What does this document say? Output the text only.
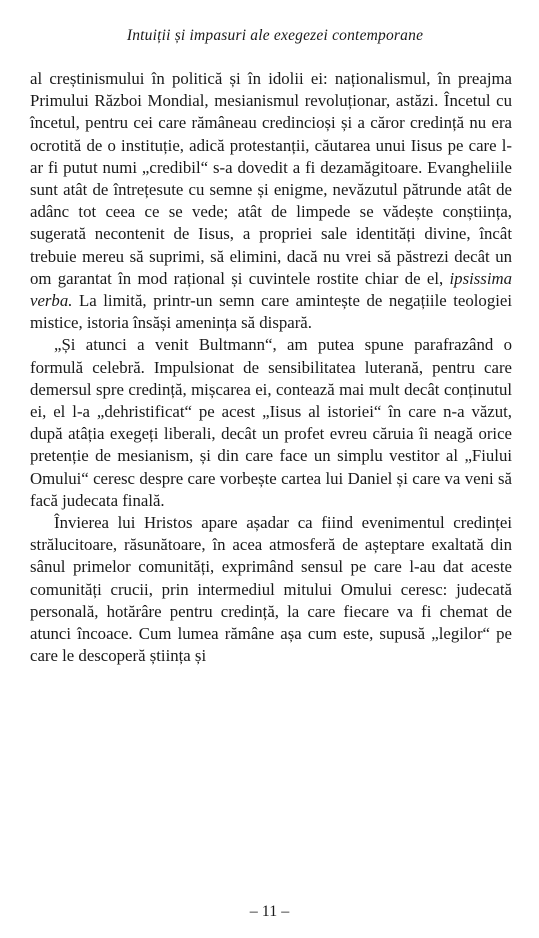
Intuiții și impasuri ale exegezei contemporane

al creștinismului în politică și în idolii ei: naționalismul, în preajma Primului Război Mondial, mesianismul revoluționar, astăzi. Încetul cu încetul, pentru cei care rămâneau credincioși și a căror credință nu era ocrotită de o instituție, adică protestanții, căutarea unui Iisus pe care l-ar fi putut numi „credibil“ s-a dovedit a fi dezamăgitoare. Evangheliile sunt atât de întrețesute cu semne și enigme, nevăzutul pătrunde atât de adânc tot ceea ce se vede; atât de limpede se vădește conștiința, sugerată necontenit de Iisus, a propriei sale identități divine, încât trebuie mereu să suprimi, să elimini, dacă nu vrei să păstrezi decât un om garantat în mod rațional și cuvintele rostite chiar de el, ipsissima verba. La limită, printr-un semn care amintește de negațiile teologiei mistice, istoria însăși amenința să dispară.

„Și atunci a venit Bultmann“, am putea spune parafrazând o formulă celebră. Impulsionat de sensibilitatea luterană, pentru care demersul spre credință, mișcarea ei, contează mai mult decât conținutul ei, el l-a „dehristificat“ pe acest „Iisus al istoriei“ în care n-a văzut, după atâția exegeți liberali, decât un profet evreu căruia îi neagă orice pretenție de mesianism, și din care face un simplu vestitor al „Fiului Omului“ ceresc despre care vorbește cartea lui Daniel și care va veni să facă judecata finală.

Învierea lui Hristos apare așadar ca fiind evenimentul credinței strălucitoare, răsunătoare, în acea atmosferă de așteptare exaltată din sânul primelor comunități, exprimând sensul pe care l-au dat aceste comunități crucii, prin intermediul mitului Omului ceresc: judecată personală, hotărâre pentru credință, la care fiecare va fi chemat de atunci încoace. Cum lumea rămâne așa cum este, supusă „legilor“ pe care le descoperă știința și

– 11 –
